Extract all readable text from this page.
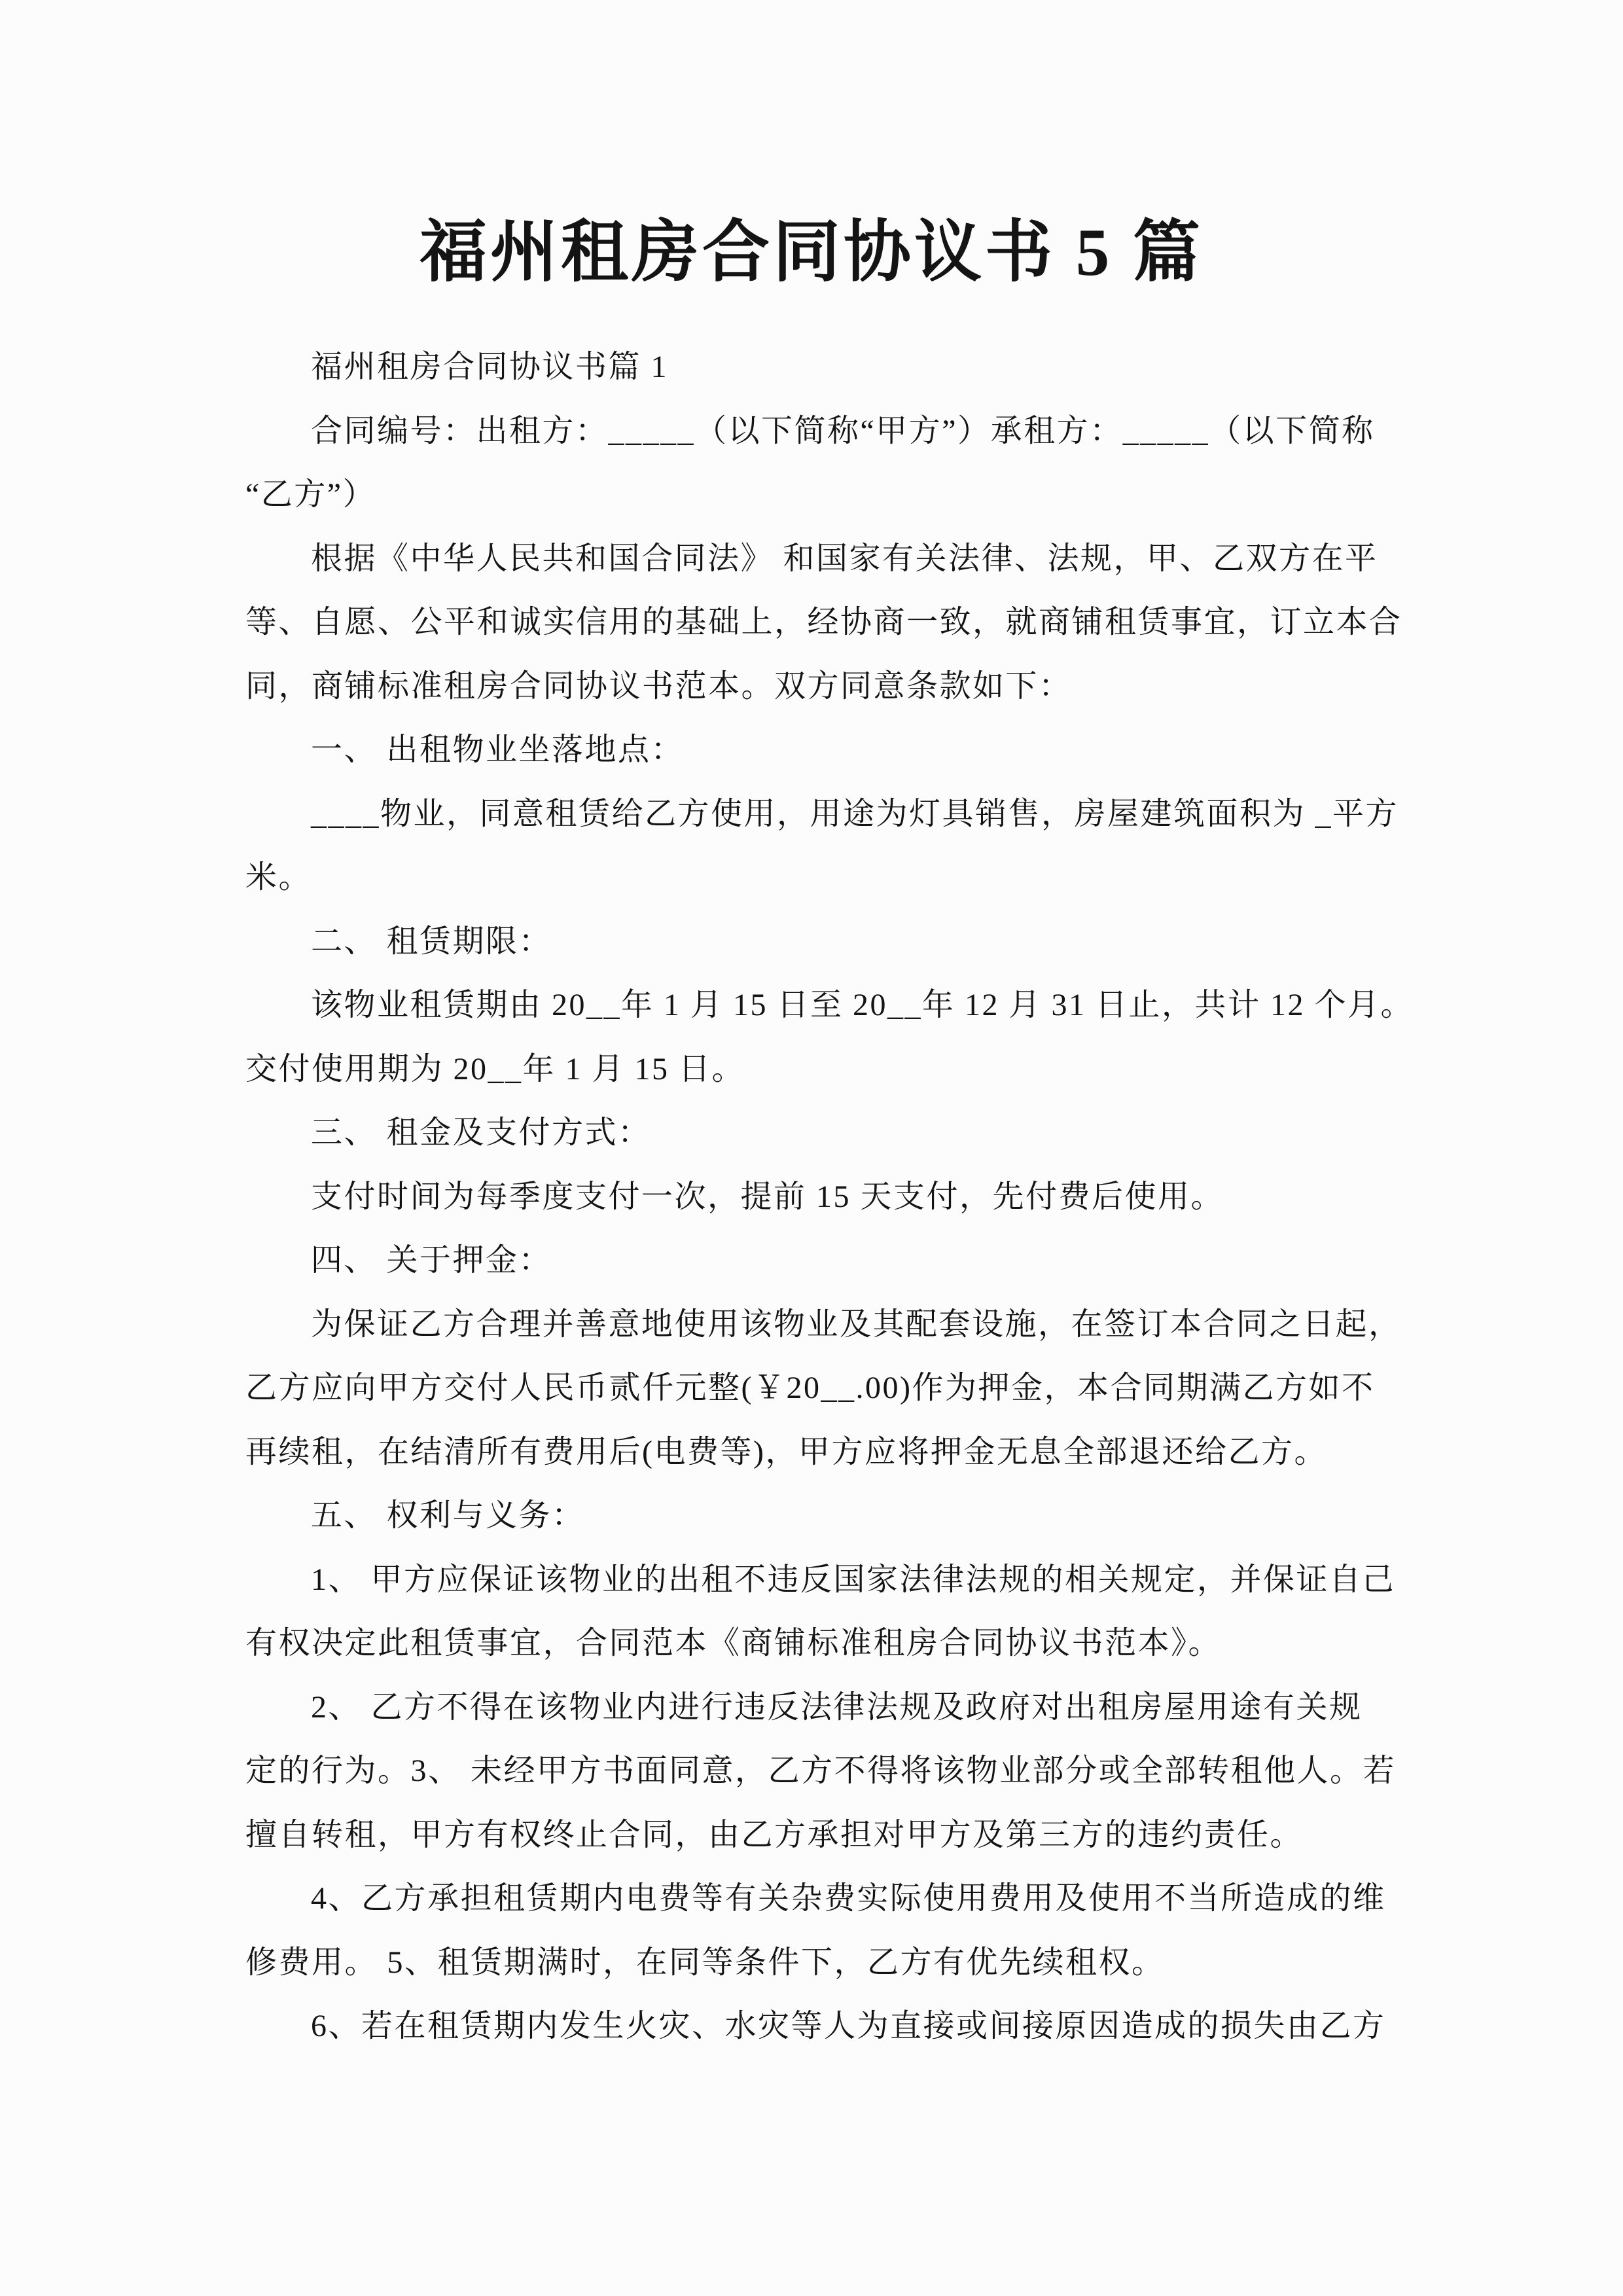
福州租房合同协议书 5 篇
福州租房合同协议书篇 1
合同编号：出租方：_____（以下简称“甲方”）承租方：_____（以下简称
“乙方”）
根据《中华人民共和国合同法》 和国家有关法律、法规，甲、乙双方在平
等、自愿、公平和诚实信用的基础上，经协商一致，就商铺租赁事宜，订立本合
同，商铺标准租房合同协议书范本。双方同意条款如下：
一、 出租物业坐落地点：
____物业，同意租赁给乙方使用，用途为灯具销售，房屋建筑面积为 _平方
米。
二、 租赁期限：
该物业租赁期由 20__年 1 月 15 日至 20__年 12 月 31 日止，共计 12 个月。
交付使用期为 20__年 1 月 15 日。
三、 租金及支付方式：
支付时间为每季度支付一次，提前 15 天支付，先付费后使用。
四、 关于押金：
为保证乙方合理并善意地使用该物业及其配套设施，在签订本合同之日起，
乙方应向甲方交付人民币贰仟元整(￥20__.00)作为押金，本合同期满乙方如不
再续租，在结清所有费用后(电费等)，甲方应将押金无息全部退还给乙方。
五、 权利与义务：
1、 甲方应保证该物业的出租不违反国家法律法规的相关规定，并保证自己
有权决定此租赁事宜，合同范本《商铺标准租房合同协议书范本》。
2、 乙方不得在该物业内进行违反法律法规及政府对出租房屋用途有关规
定的行为。3、 未经甲方书面同意，乙方不得将该物业部分或全部转租他人。若
擅自转租，甲方有权终止合同，由乙方承担对甲方及第三方的违约责任。
4、乙方承担租赁期内电费等有关杂费实际使用费用及使用不当所造成的维
修费用。 5、租赁期满时，在同等条件下，乙方有优先续租权。
6、若在租赁期内发生火灾、水灾等人为直接或间接原因造成的损失由乙方
